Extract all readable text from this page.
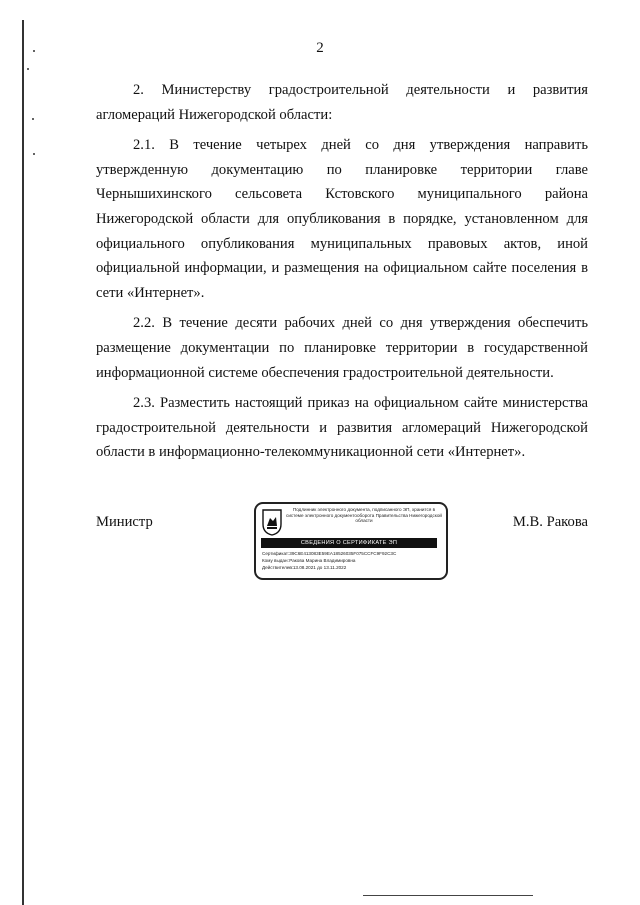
2

2. Министерству градостроительной деятельности и развития агломераций Нижегородской области:

2.1. В течение четырех дней со дня утверждения направить утвержденную документацию по планировке территории главе Чернышихинского сельсовета Кстовского муниципального района Нижегородской области для опубликования в порядке, установленном для официального опубликования муниципальных правовых актов, иной официальной информации, и размещения на официальном сайте поселения в сети «Интернет».

2.2. В течение десяти рабочих дней со дня утверждения обеспечить размещение документации по планировке территории в государственной информационной системе обеспечения градостроительной деятельности.

2.3. Разместить настоящий приказ на официальном сайте министерства градостроительной деятельности и развития агломераций Нижегородской области в информационно-телекоммуникационной сети «Интернет».

Министр
Подлинник электронного документа, подписанного ЭП, хранится в системе электронного документооборота Правительства Нижегородской области
СВЕДЕНИЯ О СЕРТИФИКАТЕ ЭП
Сертификат: 39C6E413083E59EA18526035F075CCFC9F92C3C
Кому выдан: Ракова Марина Владимировна
Действителен: с 13.08.2021 до 13.11.2022
М.В. Ракова
